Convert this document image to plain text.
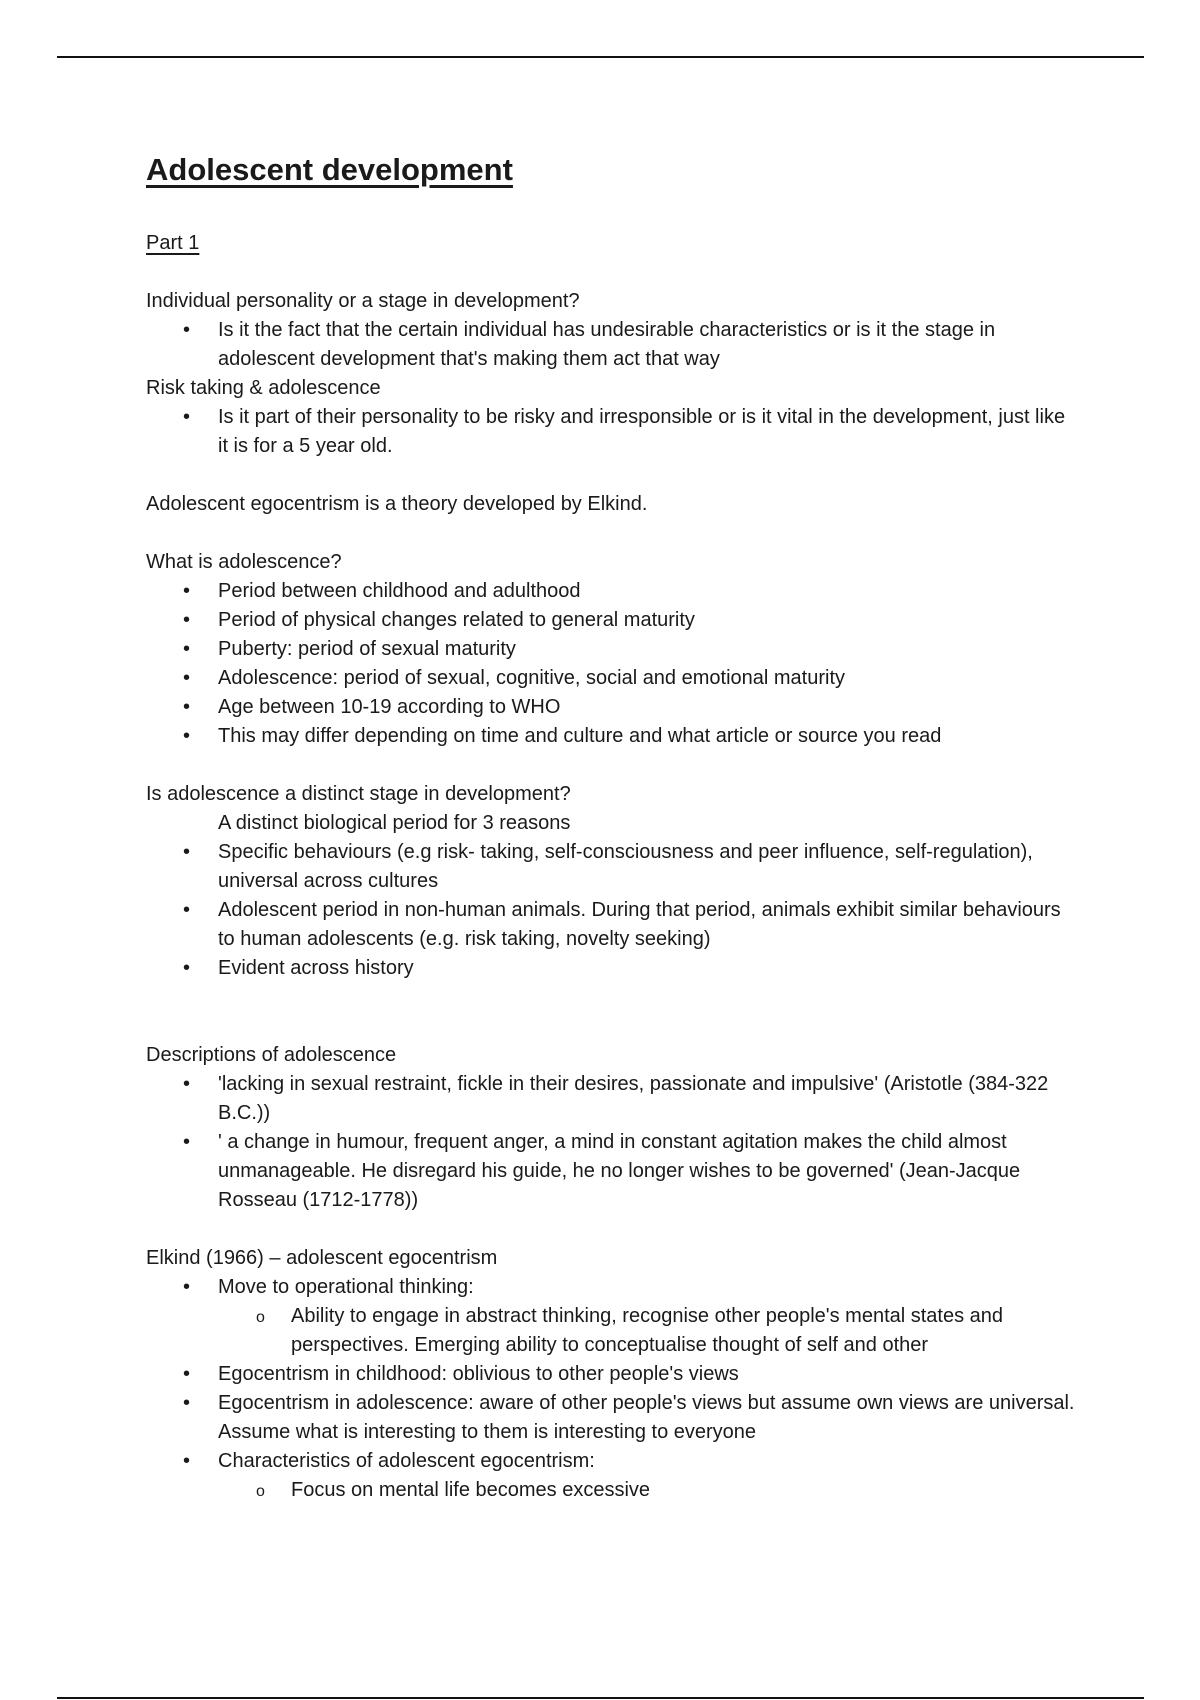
Adolescent development
Part 1
Individual personality or a stage in development?
• Is it the fact that the certain individual has undesirable characteristics or is it the stage in adolescent development that's making them act that way
Risk taking & adolescence
• Is it part of their personality to be risky and irresponsible or is it vital in the development, just like it is for a 5 year old.
Adolescent egocentrism is a theory developed by Elkind.
What is adolescence?
• Period between childhood and adulthood
• Period of physical changes related to general maturity
• Puberty: period of sexual maturity
• Adolescence: period of sexual, cognitive, social and emotional maturity
• Age between 10-19 according to WHO
• This may differ depending on time and culture and what article or source you read
Is adolescence a distinct stage in development?
A distinct biological period for 3 reasons
• Specific behaviours (e.g risk- taking, self-consciousness and peer influence, self-regulation), universal across cultures
• Adolescent period in non-human animals. During that period, animals exhibit similar behaviours to human adolescents (e.g. risk taking, novelty seeking)
• Evident across history
Descriptions of adolescence
• 'lacking in sexual restraint, fickle in their desires, passionate and impulsive' (Aristotle (384-322 B.C.))
• ' a change in humour, frequent anger, a mind in constant agitation makes the child almost unmanageable. He disregard his guide, he no longer wishes to be governed' (Jean-Jacque Rosseau (1712-1778))
Elkind (1966) – adolescent egocentrism
• Move to operational thinking:
o Ability to engage in abstract thinking, recognise other people's mental states and perspectives. Emerging ability to conceptualise thought of self and other
• Egocentrism in childhood: oblivious to other people's views
• Egocentrism in adolescence: aware of other people's views but assume own views are universal. Assume what is interesting to them is interesting to everyone
• Characteristics of adolescent egocentrism:
o Focus on mental life becomes excessive
